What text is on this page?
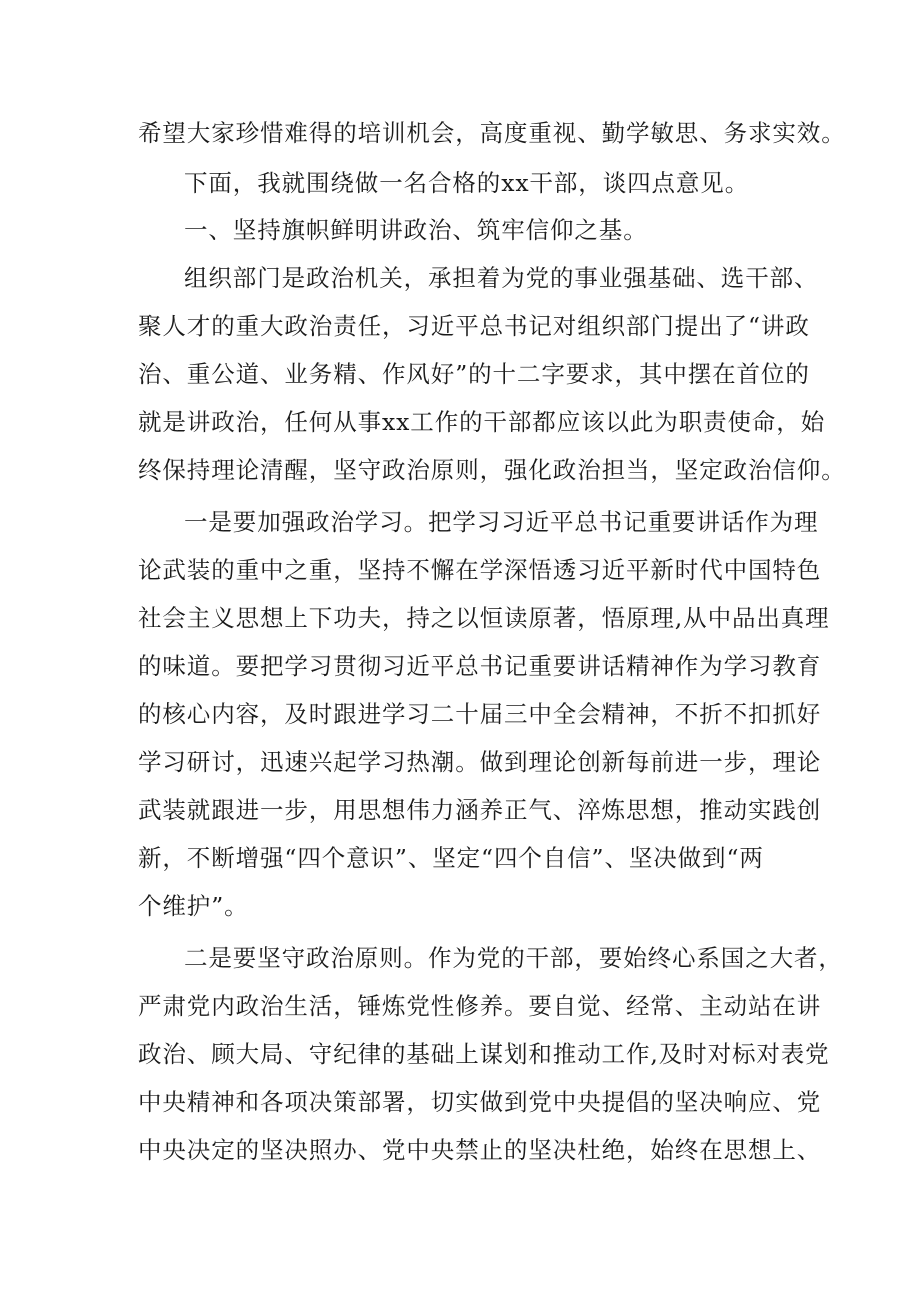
希望大家珍惜难得的培训机会，高度重视、勤学敏思、务求实效。
下面，我就围绕做一名合格的xx干部，谈四点意见。
一、坚持旗帜鲜明讲政治、筑牢信仰之基。
组织部门是政治机关，承担着为党的事业强基础、选干部、
聚人才的重大政治责任，习近平总书记对组织部门提出了“讲政
治、重公道、业务精、作风好”的十二字要求，其中摆在首位的
就是讲政治，任何从事xx工作的干部都应该以此为职责使命，始
终保持理论清醒，坚守政治原则，强化政治担当，坚定政治信仰。
一是要加强政治学习。把学习习近平总书记重要讲话作为理
论武装的重中之重，坚持不懈在学深悟透习近平新时代中国特色
社会主义思想上下功夫，持之以恒读原著，悟原理,从中品出真理
的味道。要把学习贯彻习近平总书记重要讲话精神作为学习教育
的核心内容，及时跟进学习二十届三中全会精神，不折不扣抓好
学习研讨，迅速兴起学习热潮。做到理论创新每前进一步，理论
武装就跟进一步，用思想伟力涵养正气、淬炼思想，推动实践创
新，不断增强“四个意识”、坚定“四个自信”、坚决做到“两
个维护”。
二是要坚守政治原则。作为党的干部，要始终心系国之大者，
严肃党内政治生活，锤炼党性修养。要自觉、经常、主动站在讲
政治、顾大局、守纪律的基础上谋划和推动工作,及时对标对表党
中央精神和各项决策部署，切实做到党中央提倡的坚决响应、党
中央决定的坚决照办、党中央禁止的坚决杜绝，始终在思想上、
